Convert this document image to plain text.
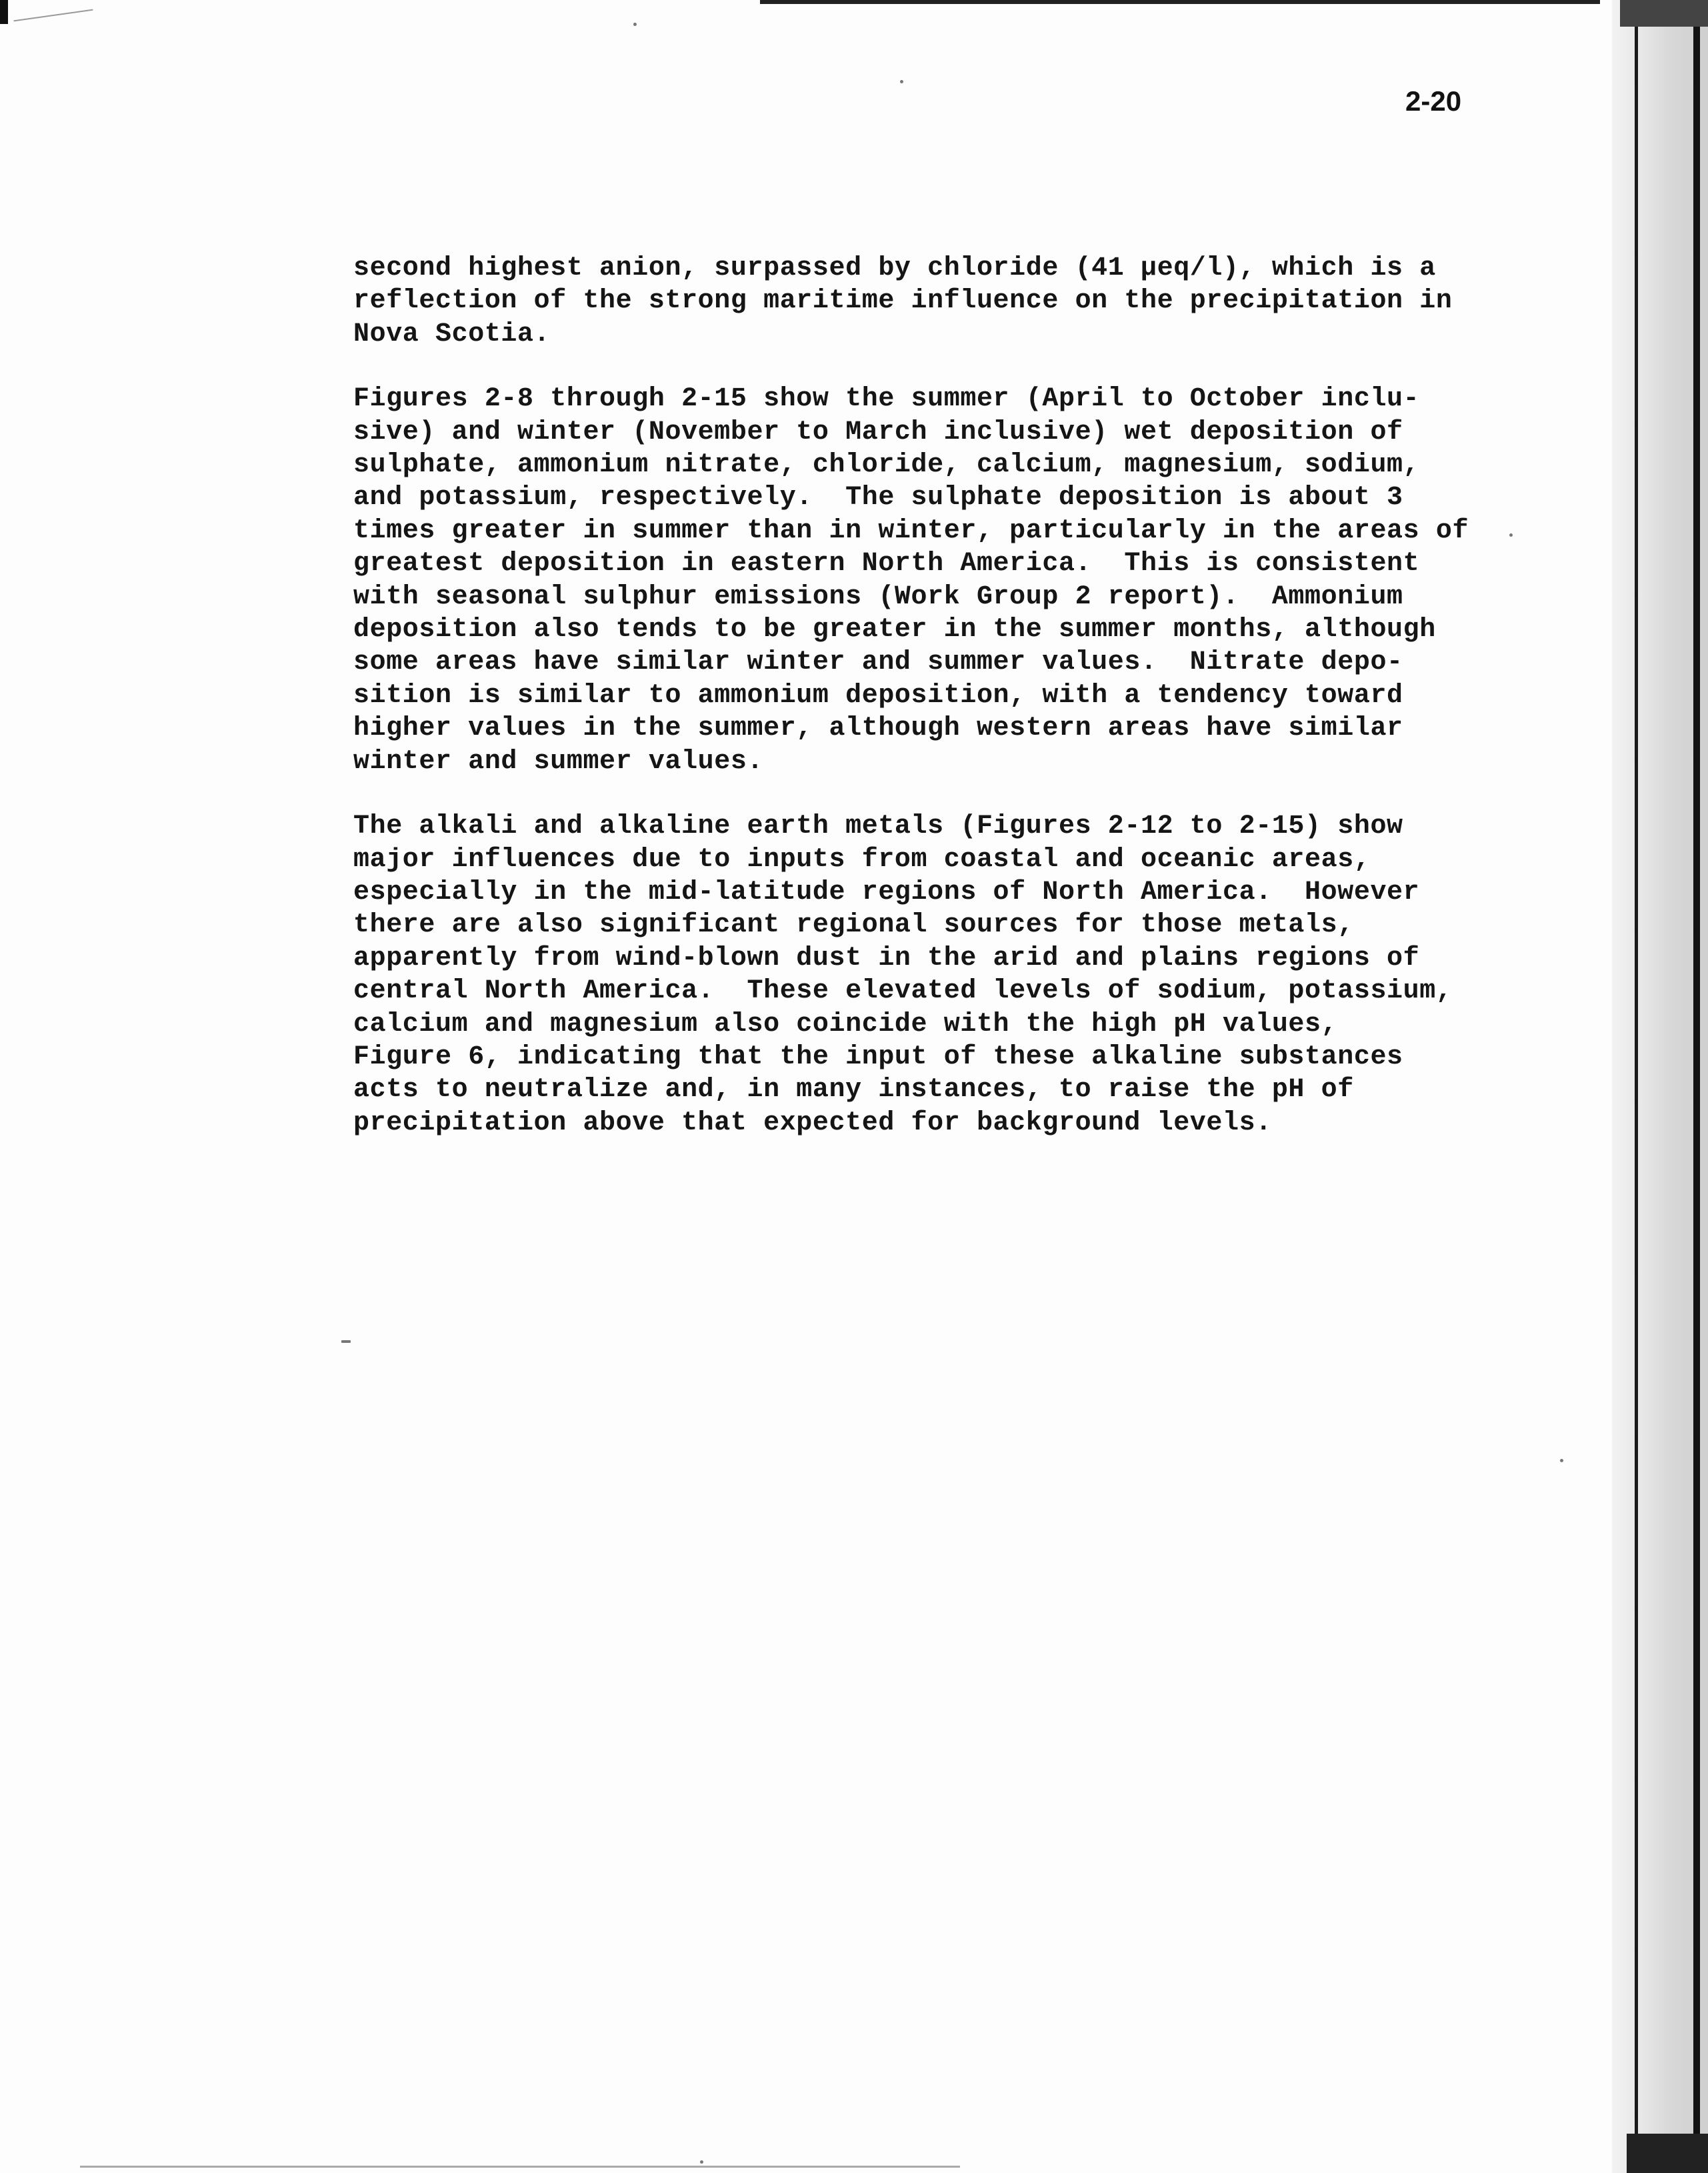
2-20

second highest anion, surpassed by chloride (41 µeq/l), which is a
reflection of the strong maritime influence on the precipitation in
Nova Scotia.

Figures 2-8 through 2-15 show the summer (April to October inclu-
sive) and winter (November to March inclusive) wet deposition of
sulphate, ammonium nitrate, chloride, calcium, magnesium, sodium,
and potassium, respectively.  The sulphate deposition is about 3
times greater in summer than in winter, particularly in the areas of
greatest deposition in eastern North America.  This is consistent
with seasonal sulphur emissions (Work Group 2 report).  Ammonium
deposition also tends to be greater in the summer months, although
some areas have similar winter and summer values.  Nitrate depo-
sition is similar to ammonium deposition, with a tendency toward
higher values in the summer, although western areas have similar
winter and summer values.

The alkali and alkaline earth metals (Figures 2-12 to 2-15) show
major influences due to inputs from coastal and oceanic areas,
especially in the mid-latitude regions of North America.  However
there are also significant regional sources for those metals,
apparently from wind-blown dust in the arid and plains regions of
central North America.  These elevated levels of sodium, potassium,
calcium and magnesium also coincide with the high pH values,
Figure 6, indicating that the input of these alkaline substances
acts to neutralize and, in many instances, to raise the pH of
precipitation above that expected for background levels.
